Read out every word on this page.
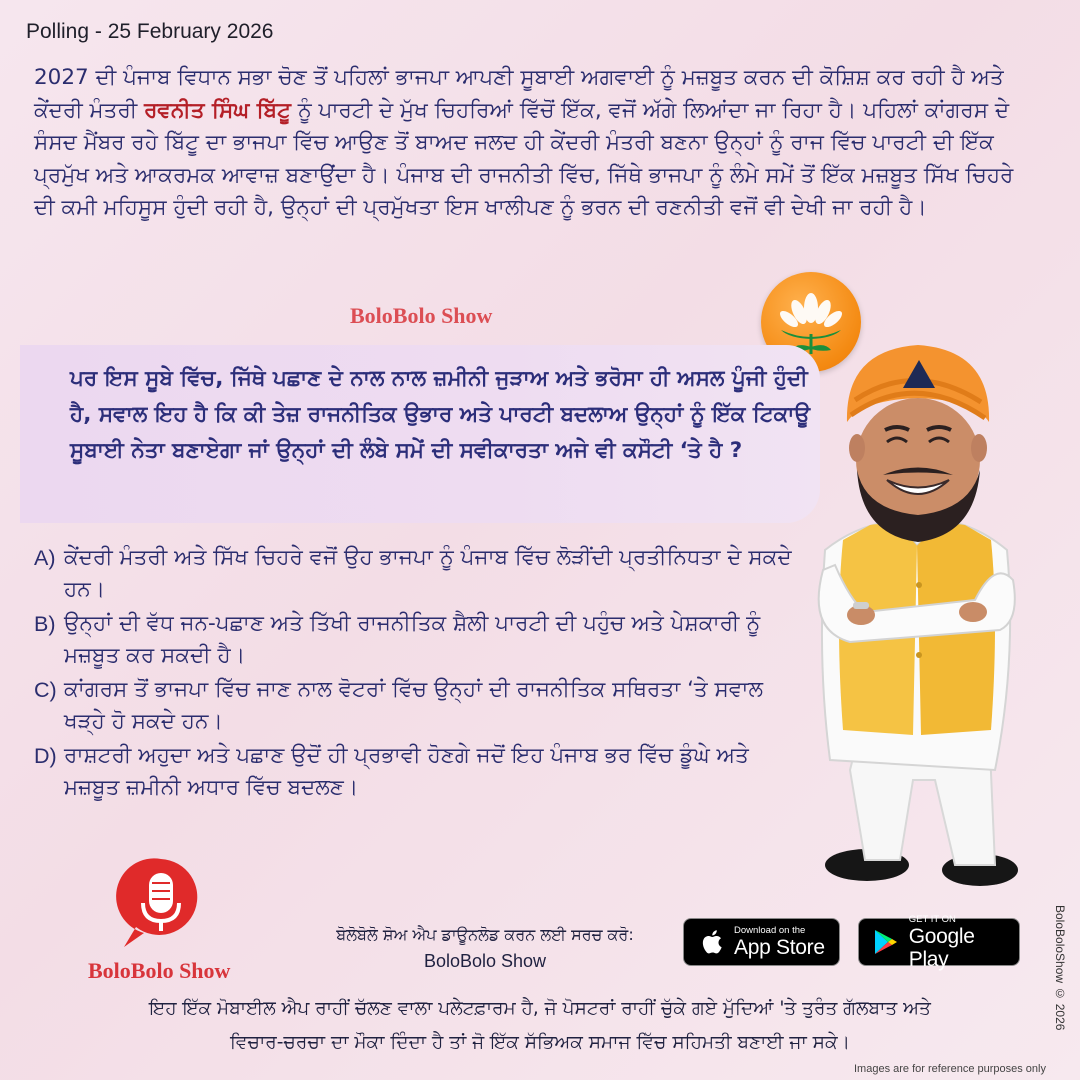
Polling - 25 February 2026
2027 ਦੀ ਪੰਜਾਬ ਵਿਧਾਨ ਸਭਾ ਚੋਣ ਤੋਂ ਪਹਿਲਾਂ ਭਾਜਪਾ ਆਪਣੀ ਸੂਬਾਈ ਅਗਵਾਈ ਨੂੰ ਮਜ਼ਬੂਤ ਕਰਨ ਦੀ ਕੋਸ਼ਿਸ਼ ਕਰ ਰਹੀ ਹੈ ਅਤੇ ਕੇਂਦਰੀ ਮੰਤਰੀ ਰਵਨੀਤ ਸਿੰਘ ਬਿੱਟੂ ਨੂੰ ਪਾਰਟੀ ਦੇ ਮੁੱਖ ਚਿਹਰਿਆਂ ਵਿੱਚੋਂ ਇੱਕ, ਵਜੋਂ ਅੱਗੇ ਲਿਆਂਦਾ ਜਾ ਰਿਹਾ ਹੈ। ਪਹਿਲਾਂ ਕਾਂਗਰਸ ਦੇ ਸੰਸਦ ਮੈਂਬਰ ਰਹੇ ਬਿੱਟੂ ਦਾ ਭਾਜਪਾ ਵਿੱਚ ਆਉਣ ਤੋਂ ਬਾਅਦ ਜਲਦ ਹੀ ਕੇਂਦਰੀ ਮੰਤਰੀ ਬਣਨਾ ਉਨ੍ਹਾਂ ਨੂੰ ਰਾਜ ਵਿੱਚ ਪਾਰਟੀ ਦੀ ਇੱਕ ਪ੍ਰਮੁੱਖ ਅਤੇ ਆਕਰਮਕ ਆਵਾਜ਼ ਬਣਾਉਂਦਾ ਹੈ। ਪੰਜਾਬ ਦੀ ਰਾਜਨੀਤੀ ਵਿੱਚ, ਜਿੱਥੇ ਭਾਜਪਾ ਨੂੰ ਲੰਮੇ ਸਮੇਂ ਤੋਂ ਇੱਕ ਮਜ਼ਬੂਤ ਸਿੱਖ ਚਿਹਰੇ ਦੀ ਕਮੀ ਮਹਿਸੂਸ ਹੁੰਦੀ ਰਹੀ ਹੈ, ਉਨ੍ਹਾਂ ਦੀ ਪ੍ਰਮੁੱਖਤਾ ਇਸ ਖਾਲੀਪਣ ਨੂੰ ਭਰਨ ਦੀ ਰਣਨੀਤੀ ਵਜੋਂ ਵੀ ਦੇਖੀ ਜਾ ਰਹੀ ਹੈ।
BoloBolo Show
ਪਰ ਇਸ ਸੂਬੇ ਵਿੱਚ, ਜਿੱਥੇ ਪਛਾਣ ਦੇ ਨਾਲ ਨਾਲ ਜ਼ਮੀਨੀ ਜੁੜਾਅ ਅਤੇ ਭਰੋਸਾ ਹੀ ਅਸਲ ਪੂੰਜੀ ਹੁੰਦੀ ਹੈ, ਸਵਾਲ ਇਹ ਹੈ ਕਿ ਕੀ ਤੇਜ਼ ਰਾਜਨੀਤਿਕ ਉਭਾਰ ਅਤੇ ਪਾਰਟੀ ਬਦਲਾਅ ਉਨ੍ਹਾਂ ਨੂੰ ਇੱਕ ਟਿਕਾਊ ਸੂਬਾਈ ਨੇਤਾ ਬਣਾਏਗਾ ਜਾਂ ਉਨ੍ਹਾਂ ਦੀ ਲੰਬੇ ਸਮੇਂ ਦੀ ਸਵੀਕਾਰਤਾ ਅਜੇ ਵੀ ਕਸੌਟੀ ‘ਤੇ ਹੈ ?
A) ਕੇਂਦਰੀ ਮੰਤਰੀ ਅਤੇ ਸਿੱਖ ਚਿਹਰੇ ਵਜੋਂ ਉਹ ਭਾਜਪਾ ਨੂੰ ਪੰਜਾਬ ਵਿੱਚ ਲੋੜੀਂਦੀ ਪ੍ਰਤੀਨਿਧਤਾ ਦੇ ਸਕਦੇ ਹਨ।
B) ਉਨ੍ਹਾਂ ਦੀ ਵੱਧ ਜਨ-ਪਛਾਣ ਅਤੇ ਤਿੱਖੀ ਰਾਜਨੀਤਿਕ ਸ਼ੈਲੀ ਪਾਰਟੀ ਦੀ ਪਹੁੰਚ ਅਤੇ ਪੇਸ਼ਕਾਰੀ ਨੂੰ ਮਜ਼ਬੂਤ ਕਰ ਸਕਦੀ ਹੈ।
C) ਕਾਂਗਰਸ ਤੋਂ ਭਾਜਪਾ ਵਿੱਚ ਜਾਣ ਨਾਲ ਵੋਟਰਾਂ ਵਿੱਚ ਉਨ੍ਹਾਂ ਦੀ ਰਾਜਨੀਤਿਕ ਸਥਿਰਤਾ ‘ਤੇ ਸਵਾਲ ਖੜ੍ਹੇ ਹੋ ਸਕਦੇ ਹਨ।
D) ਰਾਸ਼ਟਰੀ ਅਹੁਦਾ ਅਤੇ ਪਛਾਣ ਉਦੋਂ ਹੀ ਪ੍ਰਭਾਵੀ ਹੋਣਗੇ ਜਦੋਂ ਇਹ ਪੰਜਾਬ ਭਰ ਵਿੱਚ ਡੂੰਘੇ ਅਤੇ ਮਜ਼ਬੂਤ ਜ਼ਮੀਨੀ ਅਧਾਰ ਵਿੱਚ ਬਦਲਣ।
BoloBolo Show
ਬੋਲੋਬੋਲੋ ਸ਼ੋਅ ਐਪ ਡਾਊਨਲੋਡ ਕਰਨ ਲਈ ਸਰਚ ਕਰੋ:
BoloBolo Show
Download on the
App Store
GET IT ON
Google Play
ਇਹ ਇੱਕ ਮੋਬਾਈਲ ਐਪ ਰਾਹੀਂ ਚੱਲਣ ਵਾਲਾ ਪਲੇਟਫ਼ਾਰਮ ਹੈ, ਜੋ ਪੋਸਟਰਾਂ ਰਾਹੀਂ ਚੁੱਕੇ ਗਏ ਮੁੱਦਿਆਂ 'ਤੇ ਤੁਰੰਤ ਗੱਲਬਾਤ ਅਤੇ
ਵਿਚਾਰ-ਚਰਚਾ ਦਾ ਮੌਕਾ ਦਿੰਦਾ ਹੈ ਤਾਂ ਜੋ ਇੱਕ ਸੱਭਿਅਕ ਸਮਾਜ ਵਿੱਚ ਸਹਿਮਤੀ ਬਣਾਈ ਜਾ ਸਕੇ।
BoloBoloShow © 2026
Images are for reference purposes only
